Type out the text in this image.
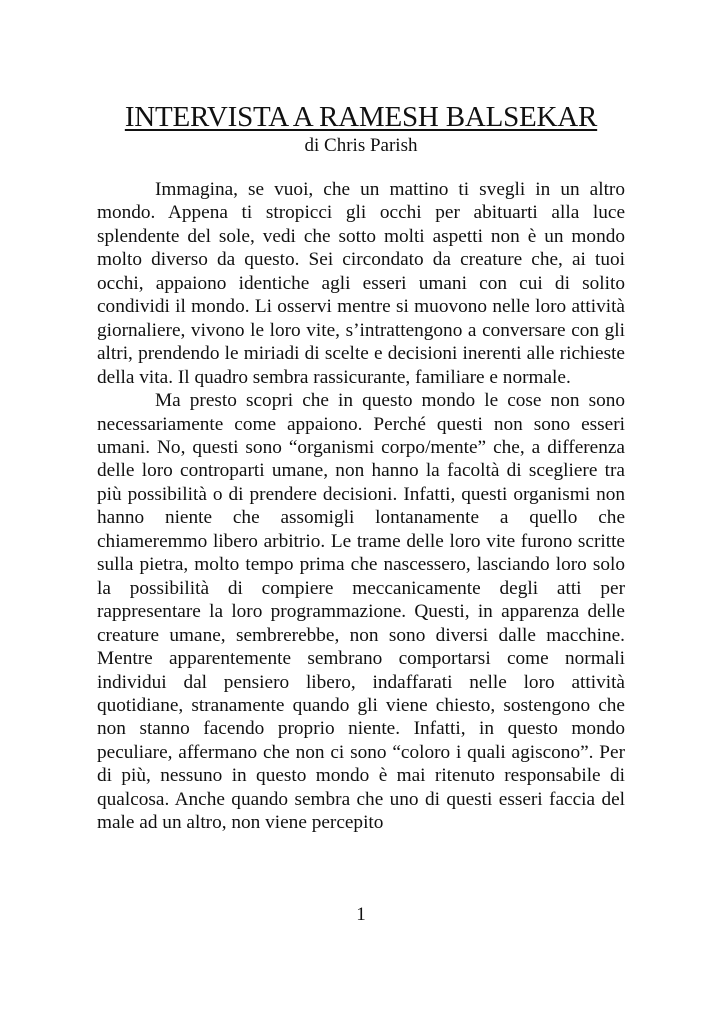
INTERVISTA A RAMESH BALSEKAR

di Chris Parish

Immagina, se vuoi, che un mattino ti svegli in un altro mondo. Appena ti stropicci gli occhi per abituarti alla luce splendente del sole, vedi che sotto molti aspetti non è un mondo molto diverso da questo. Sei circondato da creature che, ai tuoi occhi, appaiono identiche agli esseri umani con cui di solito condividi il mondo. Li osservi mentre si muovono nelle loro attività giornaliere, vivono le loro vite, s’intrattengono a conversare con gli altri, prendendo le miriadi di scelte e decisioni inerenti alle richieste della vita. Il quadro sembra rassicurante, familiare e normale.

Ma presto scopri che in questo mondo le cose non sono necessariamente come appaiono. Perché questi non sono esseri umani. No, questi sono “organismi corpo/mente” che, a differenza delle loro controparti umane, non hanno la facoltà di scegliere tra più possibilità o di prendere decisioni. Infatti, questi organismi non hanno niente che assomigli lontanamente a quello che chiameremmo libero arbitrio. Le trame delle loro vite furono scritte sulla pietra, molto tempo prima che nascessero, lasciando loro solo la possibilità di compiere meccanicamente degli atti per rappresentare la loro programmazione. Questi, in apparenza delle creature umane, sembrerebbe, non sono diversi dalle macchine. Mentre apparentemente sembrano comportarsi come normali individui dal pensiero libero, indaffarati nelle loro attività quotidiane, stranamente quando gli viene chiesto, sostengono che non stanno facendo proprio niente. Infatti, in questo mondo peculiare, affermano che non ci sono “coloro i quali agiscono”. Per di più, nessuno in questo mondo è mai ritenuto responsabile di qualcosa. Anche quando sembra che uno di questi esseri faccia del male ad un altro, non viene percepito

1
